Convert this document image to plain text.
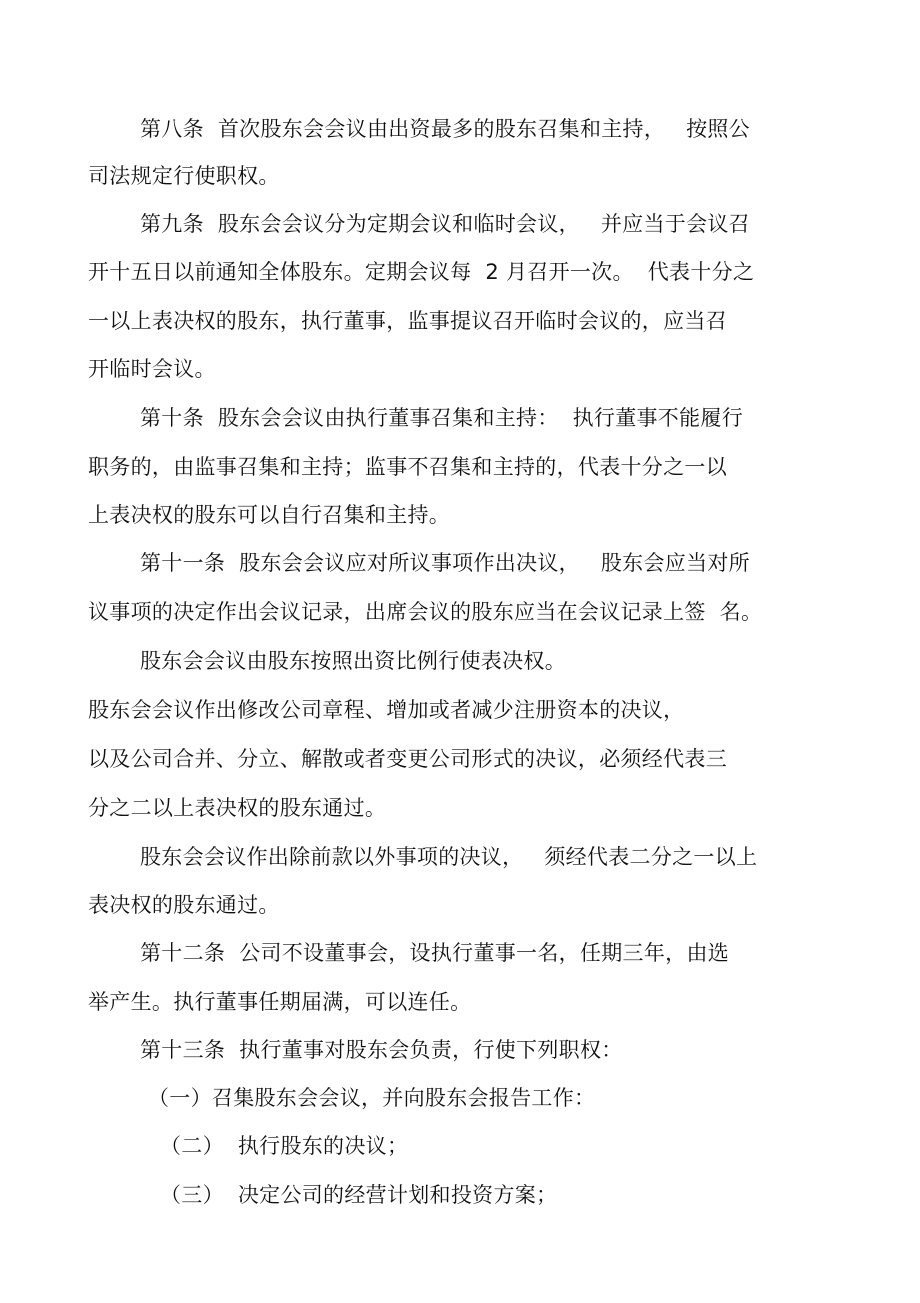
第八条  首次股东会会议由出资最多的股东召集和主持，   按照公
司法规定行使职权。
第九条  股东会会议分为定期会议和临时会议，   并应当于会议召
开十五日以前通知全体股东。定期会议每  2 月召开一次。  代表十分之
一以上表决权的股东，执行董事，监事提议召开临时会议的，应当召
开临时会议。
第十条  股东会会议由执行董事召集和主持：  执行董事不能履行
职务的，由监事召集和主持；监事不召集和主持的，代表十分之一以
上表决权的股东可以自行召集和主持。
第十一条  股东会会议应对所议事项作出决议，   股东会应当对所
议事项的决定作出会议记录，出席会议的股东应当在会议记录上签  名。
股东会会议由股东按照出资比例行使表决权。
股东会会议作出修改公司章程、增加或者减少注册资本的决议，
以及公司合并、分立、解散或者变更公司形式的决议，必须经代表三
分之二以上表决权的股东通过。
股东会会议作出除前款以外事项的决议，   须经代表二分之一以上
表决权的股东通过。
第十二条  公司不设董事会，设执行董事一名，任期三年，由选
举产生。执行董事任期届满，可以连任。
第十三条  执行董事对股东会负责，行使下列职权：
（一）召集股东会会议，并向股东会报告工作：
（二）  执行股东的决议；
（三）  决定公司的经营计划和投资方案；
